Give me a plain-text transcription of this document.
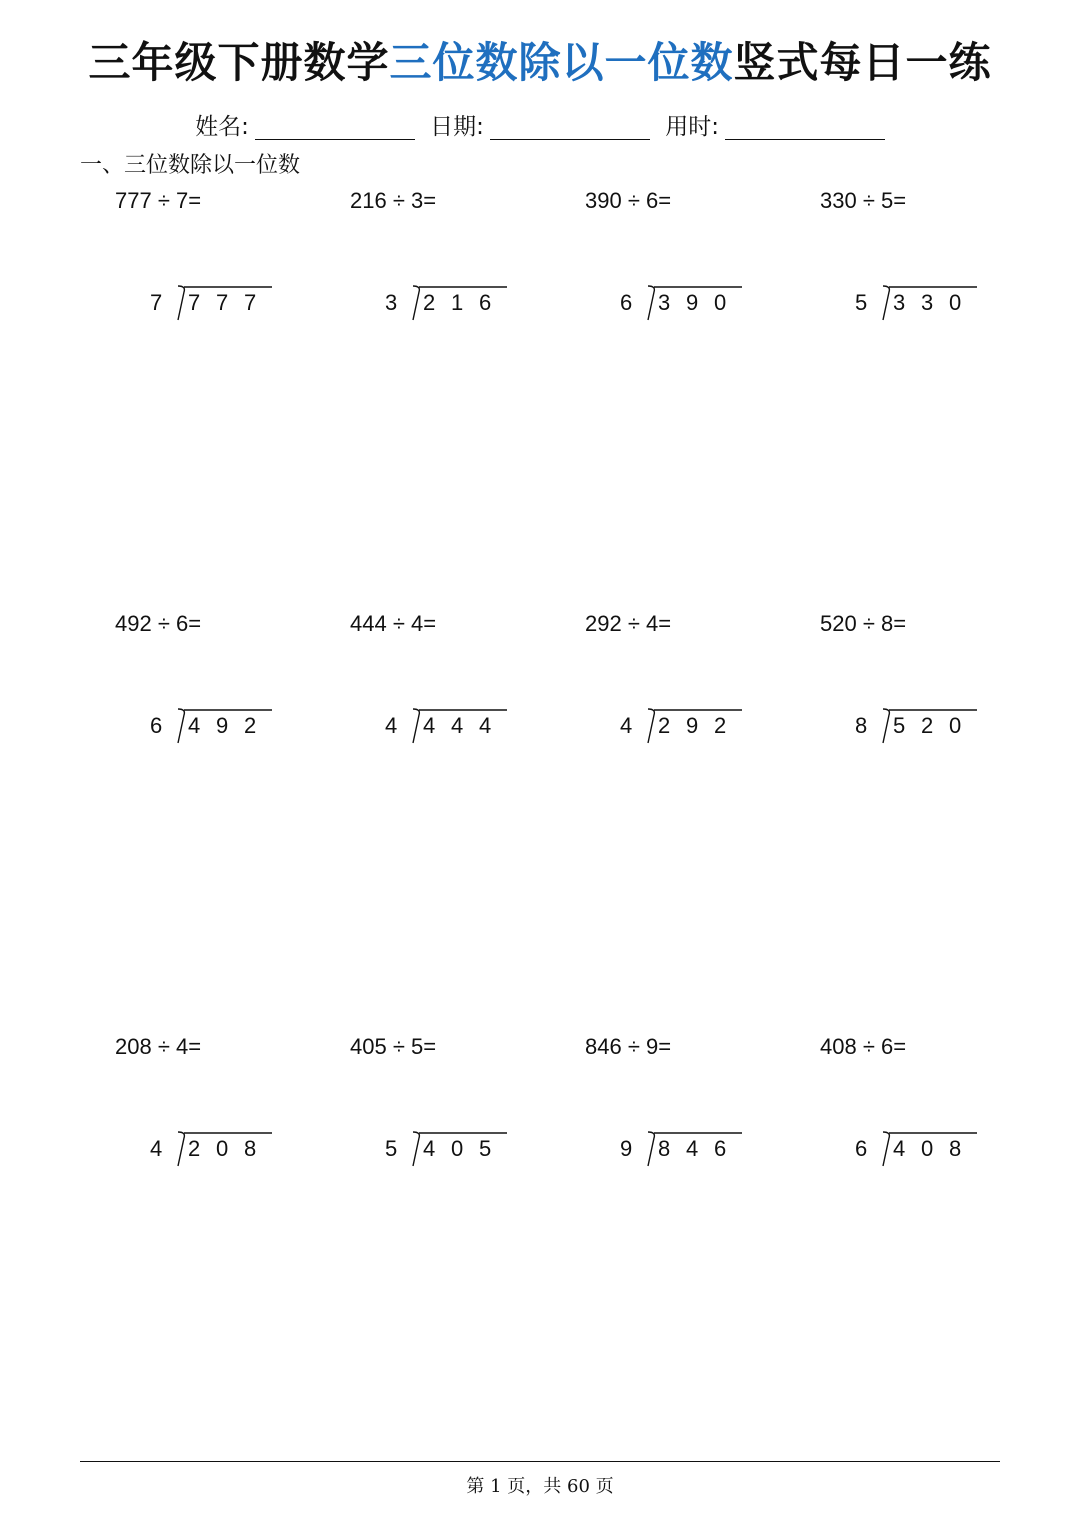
三年级下册数学三位数除以一位数竖式每日一练
姓名:	日期:	用时:
一、三位数除以一位数
777 ÷ 7=
7 7 7 7
216 ÷ 3=
3 2 1 6
390 ÷ 6=
6 3 9 0
330 ÷ 5=
5 3 3 0
492 ÷ 6=
6 4 9 2
444 ÷ 4=
4 4 4 4
292 ÷ 4=
4 2 9 2
520 ÷ 8=
8 5 2 0
208 ÷ 4=
4 2 0 8
405 ÷ 5=
5 4 0 5
846 ÷ 9=
9 8 4 6
408 ÷ 6=
6 4 0 8
第 1 页，共 60 页
